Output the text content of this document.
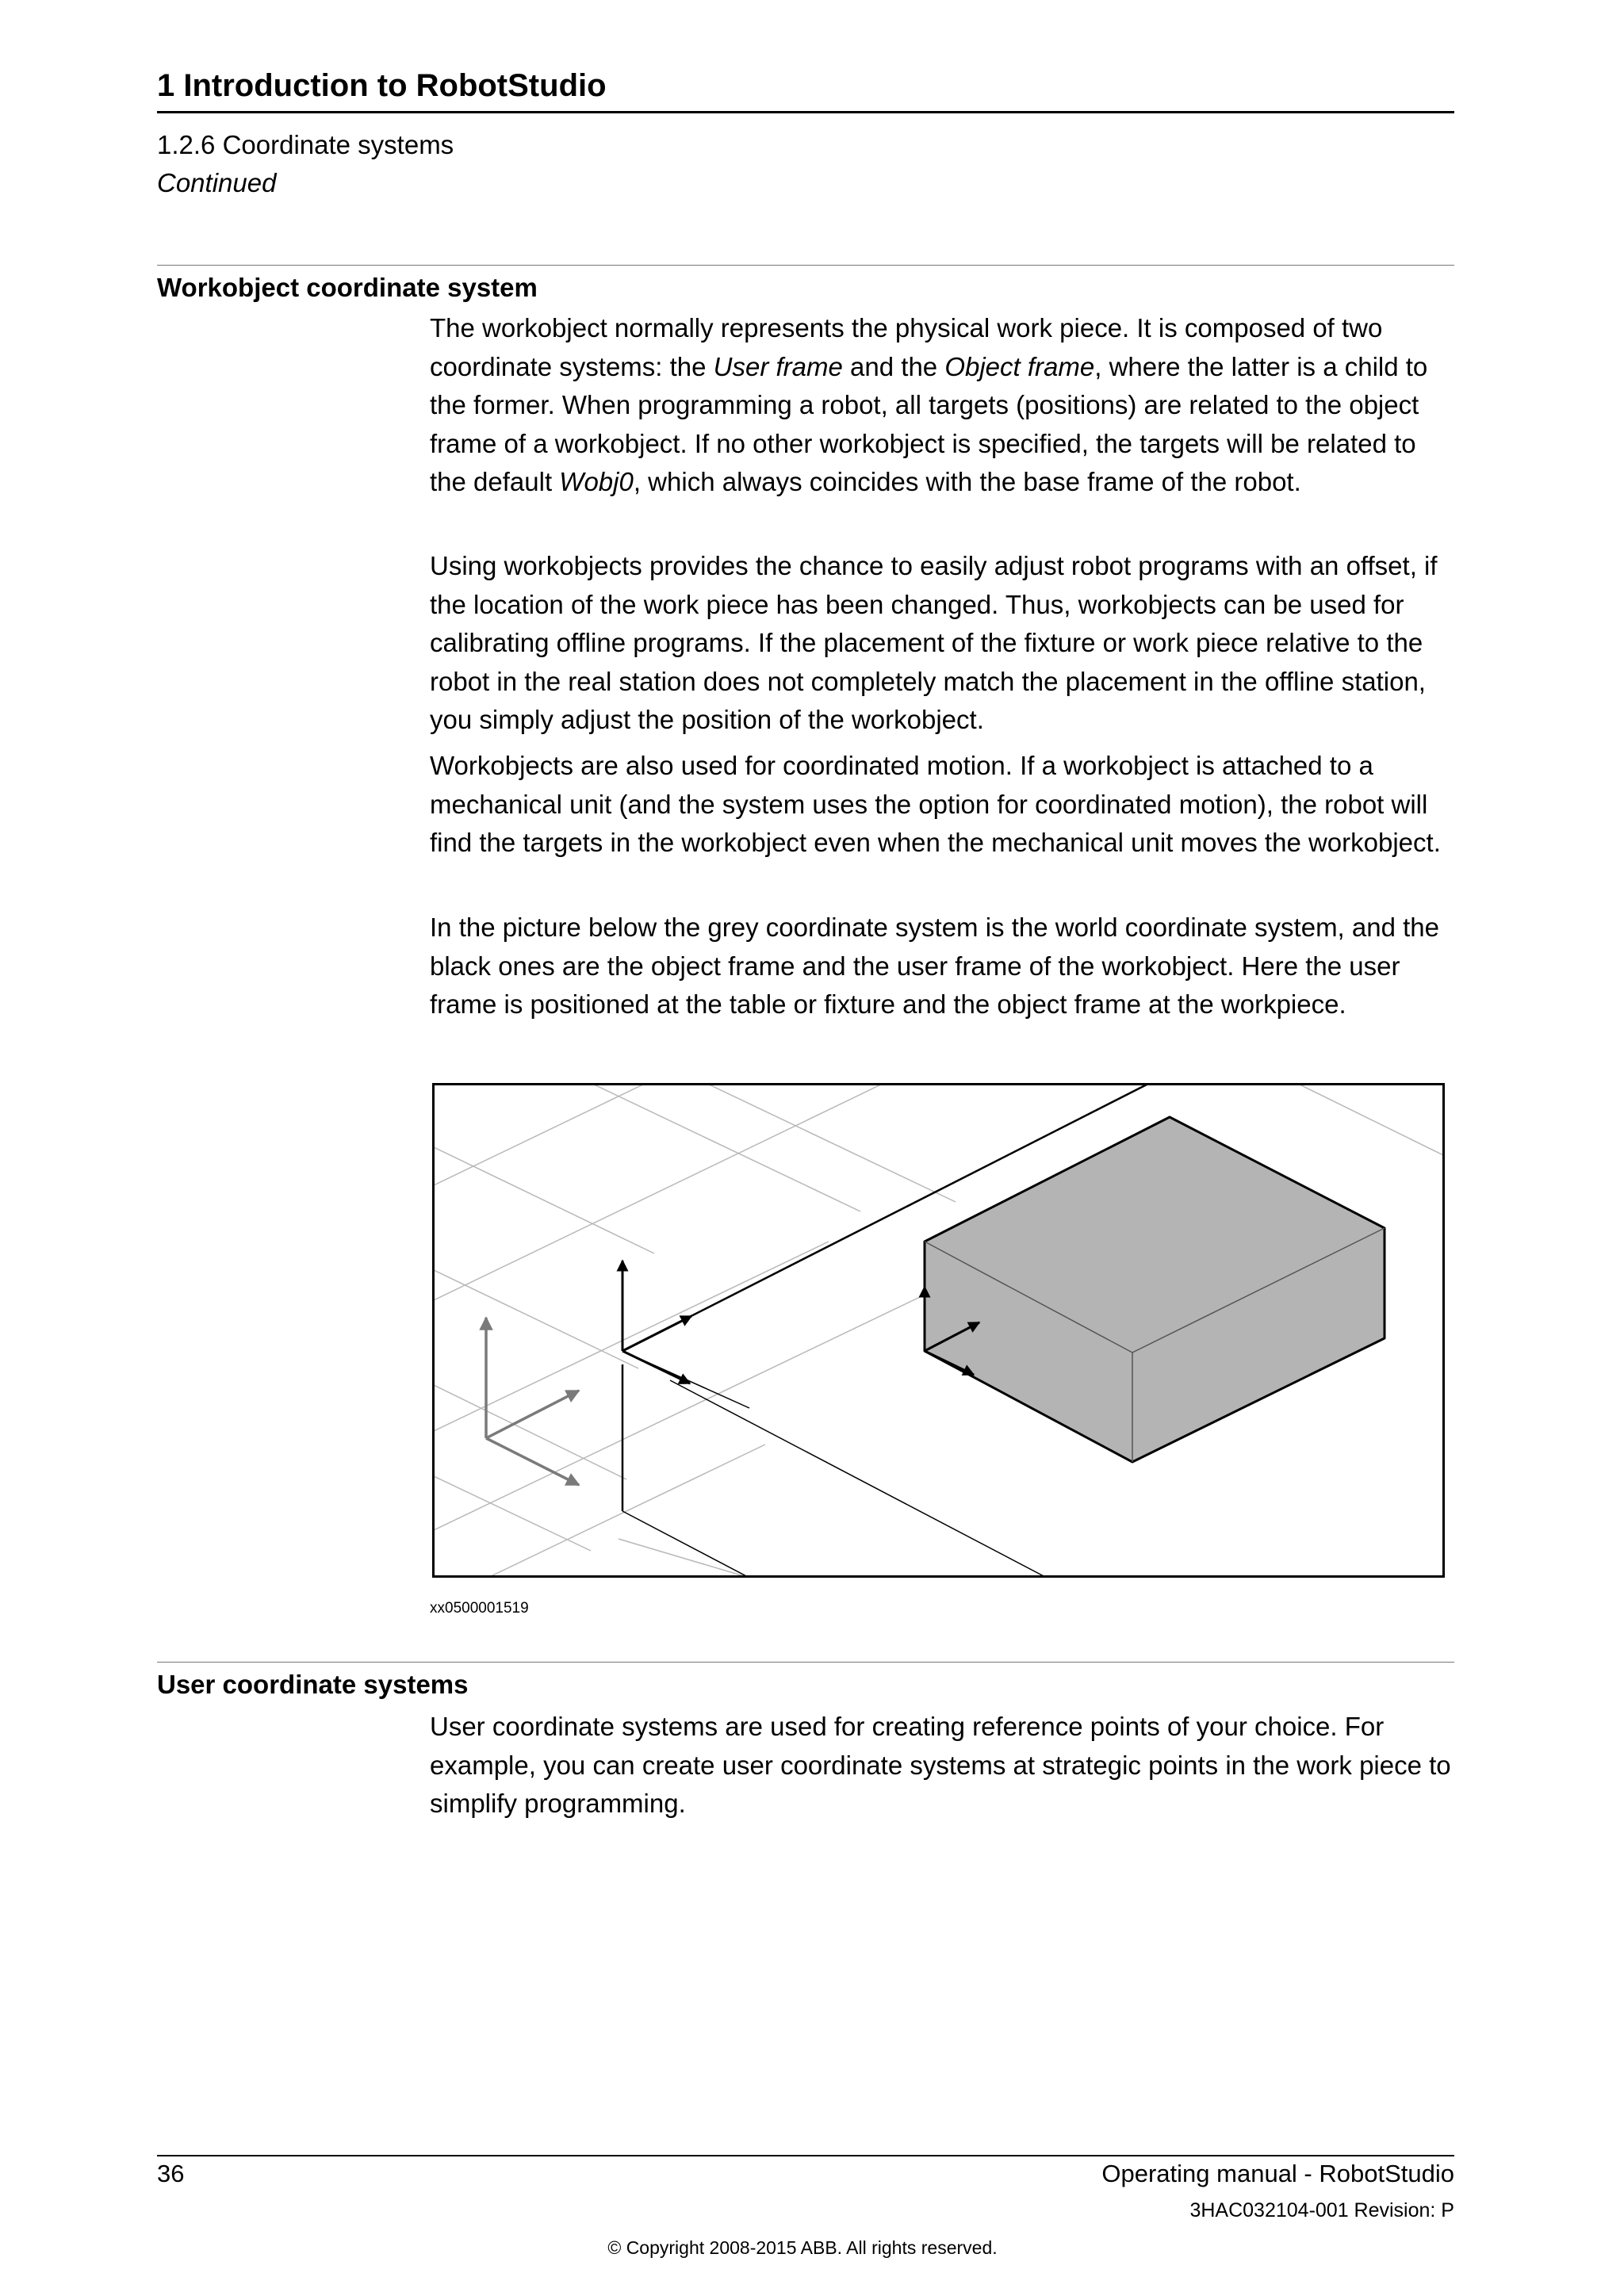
1 Introduction to RobotStudio
1.2.6 Coordinate systems
Continued
Workobject coordinate system

The workobject normally represents the physical work piece. It is composed of two coordinate systems: the User frame and the Object frame, where the latter is a child to the former. When programming a robot, all targets (positions) are related to the object frame of a workobject. If no other workobject is specified, the targets will be related to the default Wobj0, which always coincides with the base frame of the robot.

Using workobjects provides the chance to easily adjust robot programs with an offset, if the location of the work piece has been changed. Thus, workobjects can be used for calibrating offline programs. If the placement of the fixture or work piece relative to the robot in the real station does not completely match the placement in the offline station, you simply adjust the position of the workobject.

Workobjects are also used for coordinated motion. If a workobject is attached to a mechanical unit (and the system uses the option for coordinated motion), the robot will find the targets in the workobject even when the mechanical unit moves the workobject.

In the picture below the grey coordinate system is the world coordinate system, and the black ones are the object frame and the user frame of the workobject. Here the user frame is positioned at the table or fixture and the object frame at the workpiece.

xx0500001519
User coordinate systems

User coordinate systems are used for creating reference points of your choice. For example, you can create user coordinate systems at strategic points in the work piece to simplify programming.

36	Operating manual - RobotStudio
3HAC032104-001 Revision: P
© Copyright 2008-2015 ABB. All rights reserved.
